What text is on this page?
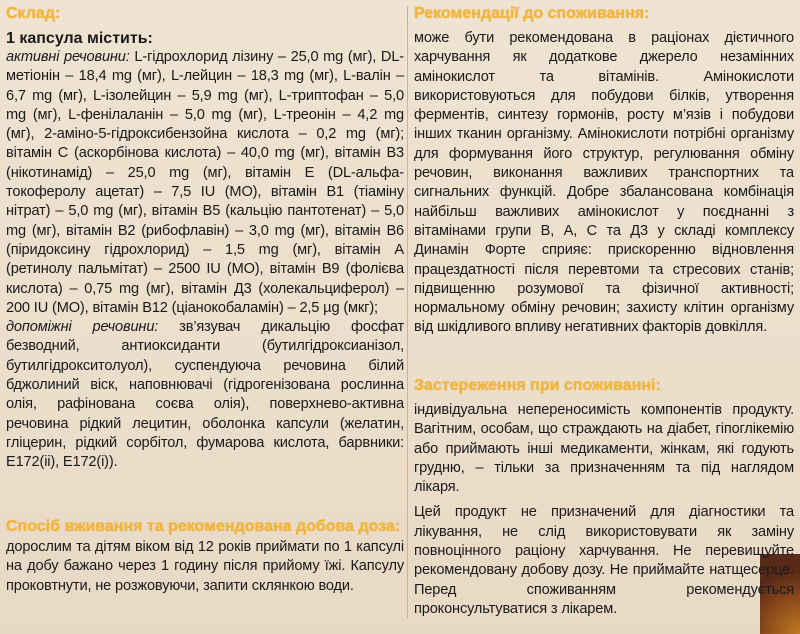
Склад:
1 капсула містить:
активні речовини: L-гідрохлорид лізину – 25,0 mg (мг), DL-метіонін – 18,4 mg (мг), L-лейцин – 18,3 mg (мг), L-валін – 6,7 mg (мг), L-ізолейцин – 5,9 mg (мг), L-триптофан – 5,0 mg (мг), L-фенілаланін – 5,0 mg (мг), L-треонін – 4,2 mg (мг), 2-аміно-5-гідроксибензойна кислота – 0,2 mg (мг); вітамін С (аскорбінова кислота) – 40,0 mg (мг), вітамін В3 (нікотинамід) – 25,0 mg (мг), вітамін Е (DL-альфа-токоферолу ацетат) – 7,5 IU (МО), вітамін В1 (тіаміну нітрат) – 5,0 mg (мг), вітамін В5 (кальцію пантотенат) – 5,0 mg (мг), вітамін В2 (рибофлавін) – 3,0 mg (мг), вітамін В6 (піридоксину гідрохлорид) – 1,5 mg (мг), вітамін А (ретинолу пальмітат) – 2500 IU (МО), вітамін В9 (фолієва кислота) – 0,75 mg (мг), вітамін Д3 (холекальциферол) – 200 IU (МО), вітамін В12 (ціанокобаламін) – 2,5 µg (мкг);
допоміжні речовини: зв’язувач дикальцію фосфат безводний, антиоксиданти (бутилгідроксианізол, бутилгідрокситолуол), суспендуюча речовина білий бджолиний віск, наповнювачі (гідрогенізована рослинна олія, рафінована соєва олія), поверхнево-активна речовина рідкий лецитин, оболонка капсули (желатин, гліцерин, рідкий сорбітол, фумарова кислота, барвники: Е172(ii), Е172(i)).
Спосіб вживання та рекомендована добова доза:
дорослим та дітям віком від 12 років приймати по 1 капсулі на добу бажано через 1 годину після прийому їжі. Капсулу проковтнути, не розжовуючи, запити склянкою води.
Рекомендації до споживання:
може бути рекомендована в раціонах дієтичного харчування як додаткове джерело незамінних амінокислот та вітамінів. Амінокислоти використовуються для побудови білків, утворення ферментів, синтезу гормонів, росту м’язів і побудови інших тканин організму. Амінокислоти потрібні організму для формування його структур, регулювання обміну речовин, виконання важливих транспортних та сигнальних функцій. Добре збалансована комбінація найбільш важливих амінокислот у поєднанні з вітамінами групи В, А, С та Д3 у складі комплексу Динамін Форте сприяє: прискоренню відновлення працездатності після перевтоми та стресових станів; підвищенню розумової та фізичної активності; нормальному обміну речовин; захисту клітин організму від шкідливого впливу негативних факторів довкілля.
Застереження при споживанні:
індивідуальна непереносимість компонентів продукту. Вагітним, особам, що страждають на діабет, гіпоглікемію або приймають інші медикаменти, жінкам, які годують грудню, – тільки за призначенням та під наглядом лікаря.
Цей продукт не призначений для діагностики та лікування, не слід використовувати як заміну повноцінного раціону харчування. Не перевищуйте рекомендовану добову дозу. Не приймайте натщесерце. Перед споживанням рекомендується проконсультуватися з лікарем.
